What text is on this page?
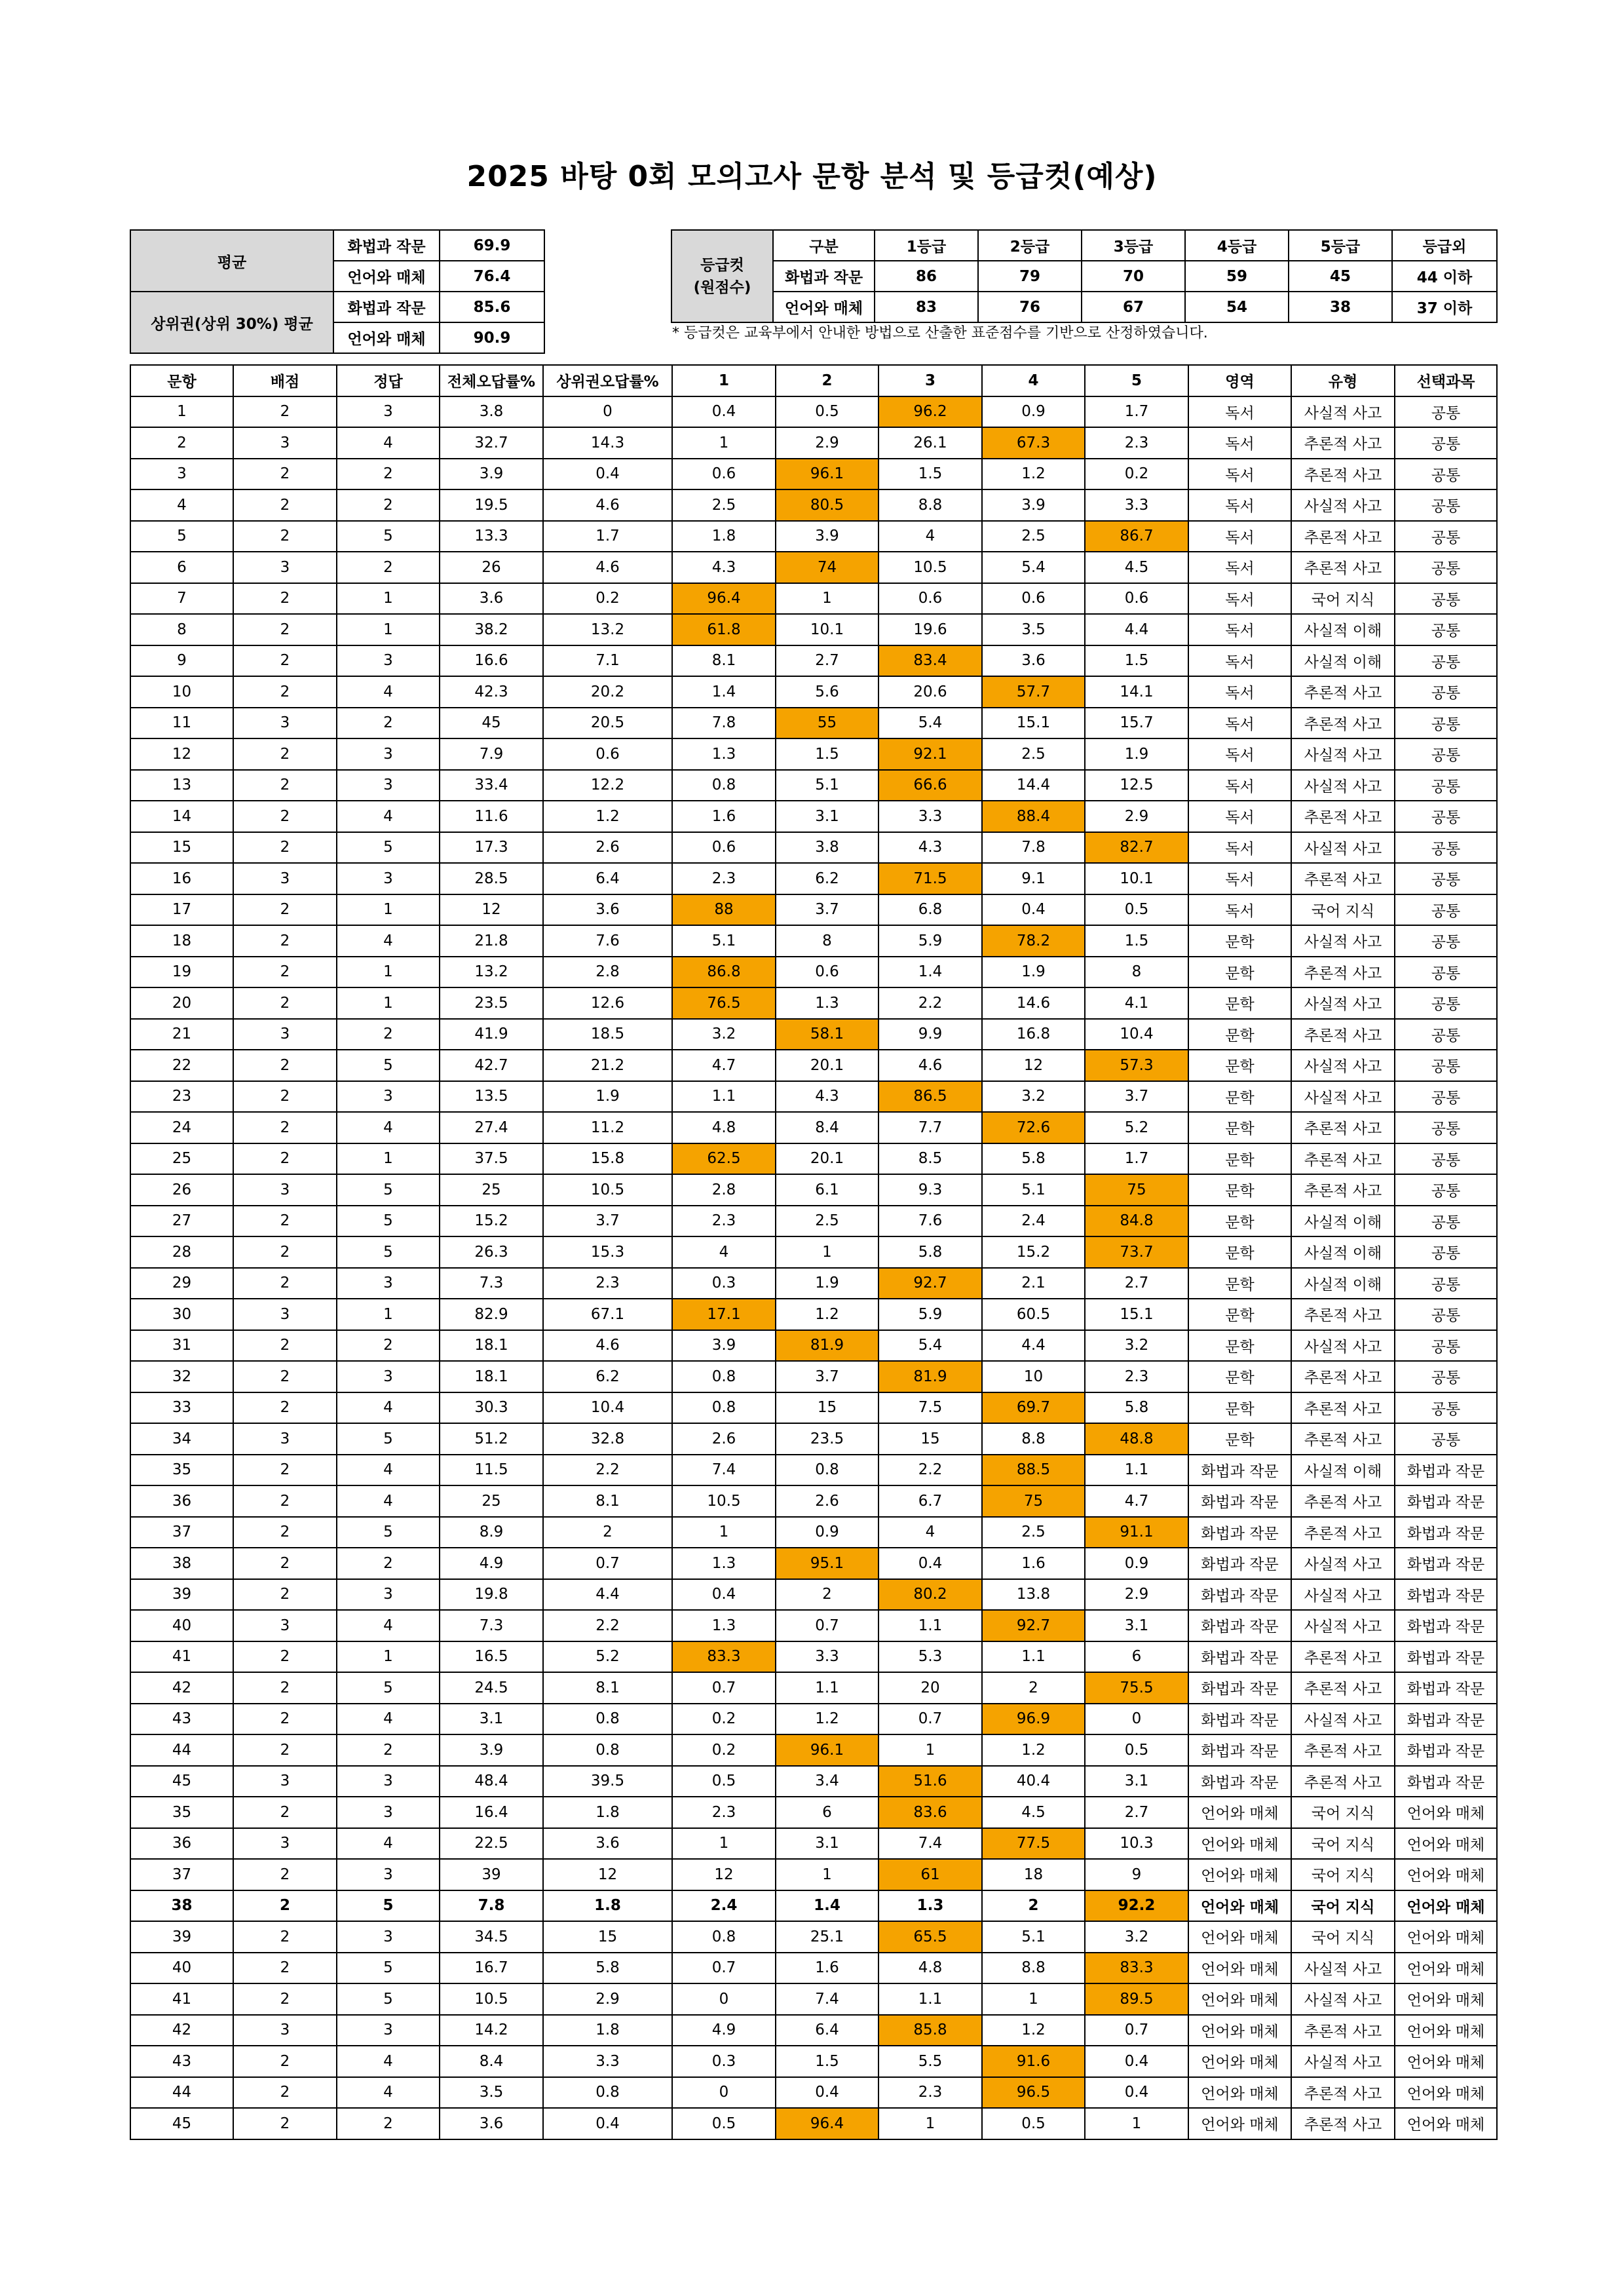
2025 바탕 0회 모의고사 문항 분석 및 등급컷(예상)
평균	화법과 작문	69.9
	언어와 매체	76.4
상위권(상위 30%) 평균	화법과 작문	85.6
	언어와 매체	90.9
등급컷
(원점수)	구분	1등급	2등급	3등급	4등급	5등급	등급외
	화법과 작문	86	79	70	59	45	44 이하
	언어와 매체	83	76	67	54	38	37 이하
* 등급컷은 교육부에서 안내한 방법으로 산출한 표준점수를 기반으로 산정하였습니다.
문항	배점	정답	전체오답률%	상위권오답률%	1	2	3	4	5	영역	유형	선택과목
1	2	3	3.8	0	0.4	0.5	96.2	0.9	1.7	독서	사실적 사고	공통
2	3	4	32.7	14.3	1	2.9	26.1	67.3	2.3	독서	추론적 사고	공통
3	2	2	3.9	0.4	0.6	96.1	1.5	1.2	0.2	독서	추론적 사고	공통
4	2	2	19.5	4.6	2.5	80.5	8.8	3.9	3.3	독서	사실적 사고	공통
5	2	5	13.3	1.7	1.8	3.9	4	2.5	86.7	독서	추론적 사고	공통
6	3	2	26	4.6	4.3	74	10.5	5.4	4.5	독서	추론적 사고	공통
7	2	1	3.6	0.2	96.4	1	0.6	0.6	0.6	독서	국어 지식	공통
8	2	1	38.2	13.2	61.8	10.1	19.6	3.5	4.4	독서	사실적 이해	공통
9	2	3	16.6	7.1	8.1	2.7	83.4	3.6	1.5	독서	사실적 이해	공통
10	2	4	42.3	20.2	1.4	5.6	20.6	57.7	14.1	독서	추론적 사고	공통
11	3	2	45	20.5	7.8	55	5.4	15.1	15.7	독서	추론적 사고	공통
12	2	3	7.9	0.6	1.3	1.5	92.1	2.5	1.9	독서	사실적 사고	공통
13	2	3	33.4	12.2	0.8	5.1	66.6	14.4	12.5	독서	사실적 사고	공통
14	2	4	11.6	1.2	1.6	3.1	3.3	88.4	2.9	독서	추론적 사고	공통
15	2	5	17.3	2.6	0.6	3.8	4.3	7.8	82.7	독서	사실적 사고	공통
16	3	3	28.5	6.4	2.3	6.2	71.5	9.1	10.1	독서	추론적 사고	공통
17	2	1	12	3.6	88	3.7	6.8	0.4	0.5	독서	국어 지식	공통
18	2	4	21.8	7.6	5.1	8	5.9	78.2	1.5	문학	사실적 사고	공통
19	2	1	13.2	2.8	86.8	0.6	1.4	1.9	8	문학	추론적 사고	공통
20	2	1	23.5	12.6	76.5	1.3	2.2	14.6	4.1	문학	사실적 사고	공통
21	3	2	41.9	18.5	3.2	58.1	9.9	16.8	10.4	문학	추론적 사고	공통
22	2	5	42.7	21.2	4.7	20.1	4.6	12	57.3	문학	사실적 사고	공통
23	2	3	13.5	1.9	1.1	4.3	86.5	3.2	3.7	문학	사실적 사고	공통
24	2	4	27.4	11.2	4.8	8.4	7.7	72.6	5.2	문학	추론적 사고	공통
25	2	1	37.5	15.8	62.5	20.1	8.5	5.8	1.7	문학	추론적 사고	공통
26	3	5	25	10.5	2.8	6.1	9.3	5.1	75	문학	추론적 사고	공통
27	2	5	15.2	3.7	2.3	2.5	7.6	2.4	84.8	문학	사실적 이해	공통
28	2	5	26.3	15.3	4	1	5.8	15.2	73.7	문학	사실적 이해	공통
29	2	3	7.3	2.3	0.3	1.9	92.7	2.1	2.7	문학	사실적 이해	공통
30	3	1	82.9	67.1	17.1	1.2	5.9	60.5	15.1	문학	추론적 사고	공통
31	2	2	18.1	4.6	3.9	81.9	5.4	4.4	3.2	문학	사실적 사고	공통
32	2	3	18.1	6.2	0.8	3.7	81.9	10	2.3	문학	추론적 사고	공통
33	2	4	30.3	10.4	0.8	15	7.5	69.7	5.8	문학	추론적 사고	공통
34	3	5	51.2	32.8	2.6	23.5	15	8.8	48.8	문학	추론적 사고	공통
35	2	4	11.5	2.2	7.4	0.8	2.2	88.5	1.1	화법과 작문	사실적 이해	화법과 작문
36	2	4	25	8.1	10.5	2.6	6.7	75	4.7	화법과 작문	추론적 사고	화법과 작문
37	2	5	8.9	2	1	0.9	4	2.5	91.1	화법과 작문	추론적 사고	화법과 작문
38	2	2	4.9	0.7	1.3	95.1	0.4	1.6	0.9	화법과 작문	사실적 사고	화법과 작문
39	2	3	19.8	4.4	0.4	2	80.2	13.8	2.9	화법과 작문	사실적 사고	화법과 작문
40	3	4	7.3	2.2	1.3	0.7	1.1	92.7	3.1	화법과 작문	사실적 사고	화법과 작문
41	2	1	16.5	5.2	83.3	3.3	5.3	1.1	6	화법과 작문	추론적 사고	화법과 작문
42	2	5	24.5	8.1	0.7	1.1	20	2	75.5	화법과 작문	추론적 사고	화법과 작문
43	2	4	3.1	0.8	0.2	1.2	0.7	96.9	0	화법과 작문	사실적 사고	화법과 작문
44	2	2	3.9	0.8	0.2	96.1	1	1.2	0.5	화법과 작문	추론적 사고	화법과 작문
45	3	3	48.4	39.5	0.5	3.4	51.6	40.4	3.1	화법과 작문	추론적 사고	화법과 작문
35	2	3	16.4	1.8	2.3	6	83.6	4.5	2.7	언어와 매체	국어 지식	언어와 매체
36	3	4	22.5	3.6	1	3.1	7.4	77.5	10.3	언어와 매체	국어 지식	언어와 매체
37	2	3	39	12	12	1	61	18	9	언어와 매체	국어 지식	언어와 매체
38	2	5	7.8	1.8	2.4	1.4	1.3	2	92.2	언어와 매체	국어 지식	언어와 매체
39	2	3	34.5	15	0.8	25.1	65.5	5.1	3.2	언어와 매체	국어 지식	언어와 매체
40	2	5	16.7	5.8	0.7	1.6	4.8	8.8	83.3	언어와 매체	사실적 사고	언어와 매체
41	2	5	10.5	2.9	0	7.4	1.1	1	89.5	언어와 매체	사실적 사고	언어와 매체
42	3	3	14.2	1.8	4.9	6.4	85.8	1.2	0.7	언어와 매체	추론적 사고	언어와 매체
43	2	4	8.4	3.3	0.3	1.5	5.5	91.6	0.4	언어와 매체	사실적 사고	언어와 매체
44	2	4	3.5	0.8	0	0.4	2.3	96.5	0.4	언어와 매체	추론적 사고	언어와 매체
45	2	2	3.6	0.4	0.5	96.4	1	0.5	1	언어와 매체	추론적 사고	언어와 매체
